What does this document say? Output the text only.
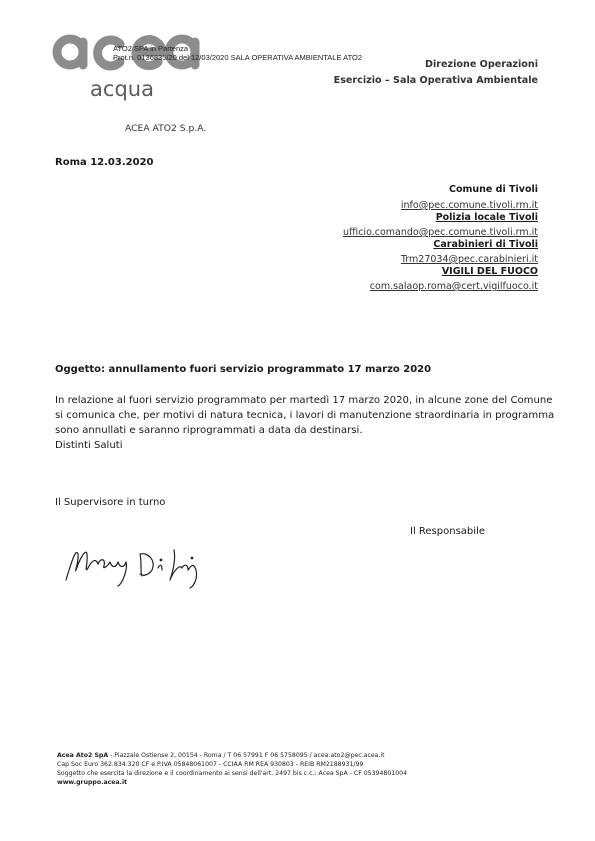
acqua
ATO2 SPA in Partenza
Prot.n. 0136835/20 del 12/03/2020 SALA OPERATIVA AMBIENTALE ATO2
Direzione Operazioni
Esercizio – Sala Operativa Ambientale
ACEA ATO2 S.p.A.
Roma 12.03.2020
Comune di Tivoli
info@pec.comune.tivoli.rm.it
Polizia locale Tivoli
ufficio.comando@pec.comune.tivoli.rm.it
Carabinieri di Tivoli
Trm27034@pec.carabinieri.it
VIGILI DEL FUOCO
com.salaop.roma@cert.vigilfuoco.it
Oggetto: annullamento fuori servizio programmato 17 marzo 2020
In relazione al fuori servizio programmato per martedì 17 marzo 2020, in alcune zone del Comune
si comunica che, per motivi di natura tecnica, i lavori di manutenzione straordinaria in programma
sono annullati e saranno riprogrammati a data da destinarsi.
Distinti Saluti
Il Supervisore in turno
Il Responsabile
Acea Ato2 SpA - Piazzale Ostiense 2, 00154 - Roma / T 06 57991 F 06 5758095 / acea.ato2@pec.acea.it
Cap Soc Euro 362.834.320 CF e P.IVA 05848061007 - CCIAA RM REA 930803 - REIB RM2188931/99
Soggetto che esercita la direzione e il coordinamento ai sensi dell'art. 2497 bis c.c.: Acea SpA - CF 05394801004
www.gruppo.acea.it
